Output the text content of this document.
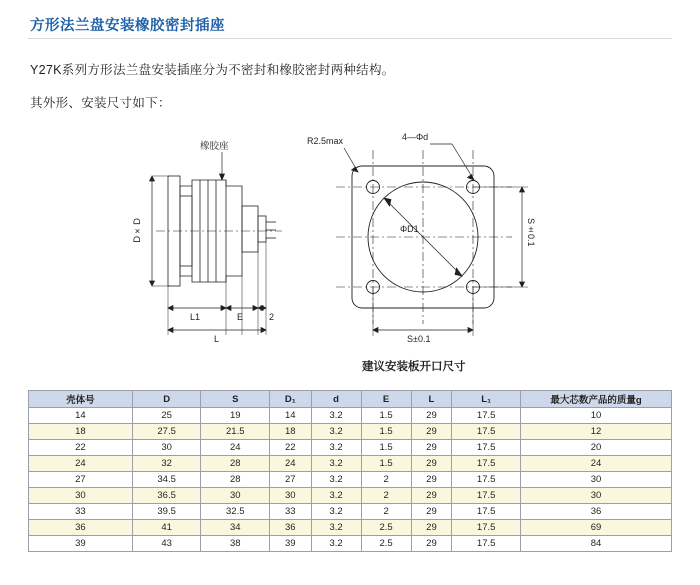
方形法兰盘安装橡胶密封插座
Y27K系列方形法兰盘安装插座分为不密封和橡胶密封两种结构。
其外形、安装尺寸如下：
橡胶座
D×D
L1	E	2
L
R2.5max	4—Φd
ΦD1	S±0.1
S±0.1
建议安装板开口尺寸
壳体号	D	S	D₁	d	E	L	L₁	最大芯数产品的质量g
14	25	19	14	3.2	1.5	29	17.5	10
18	27.5	21.5	18	3.2	1.5	29	17.5	12
22	30	24	22	3.2	1.5	29	17.5	20
24	32	28	24	3.2	1.5	29	17.5	24
27	34.5	28	27	3.2	2	29	17.5	30
30	36.5	30	30	3.2	2	29	17.5	30
33	39.5	32.5	33	3.2	2	29	17.5	36
36	41	34	36	3.2	2.5	29	17.5	69
39	43	38	39	3.2	2.5	29	17.5	84
